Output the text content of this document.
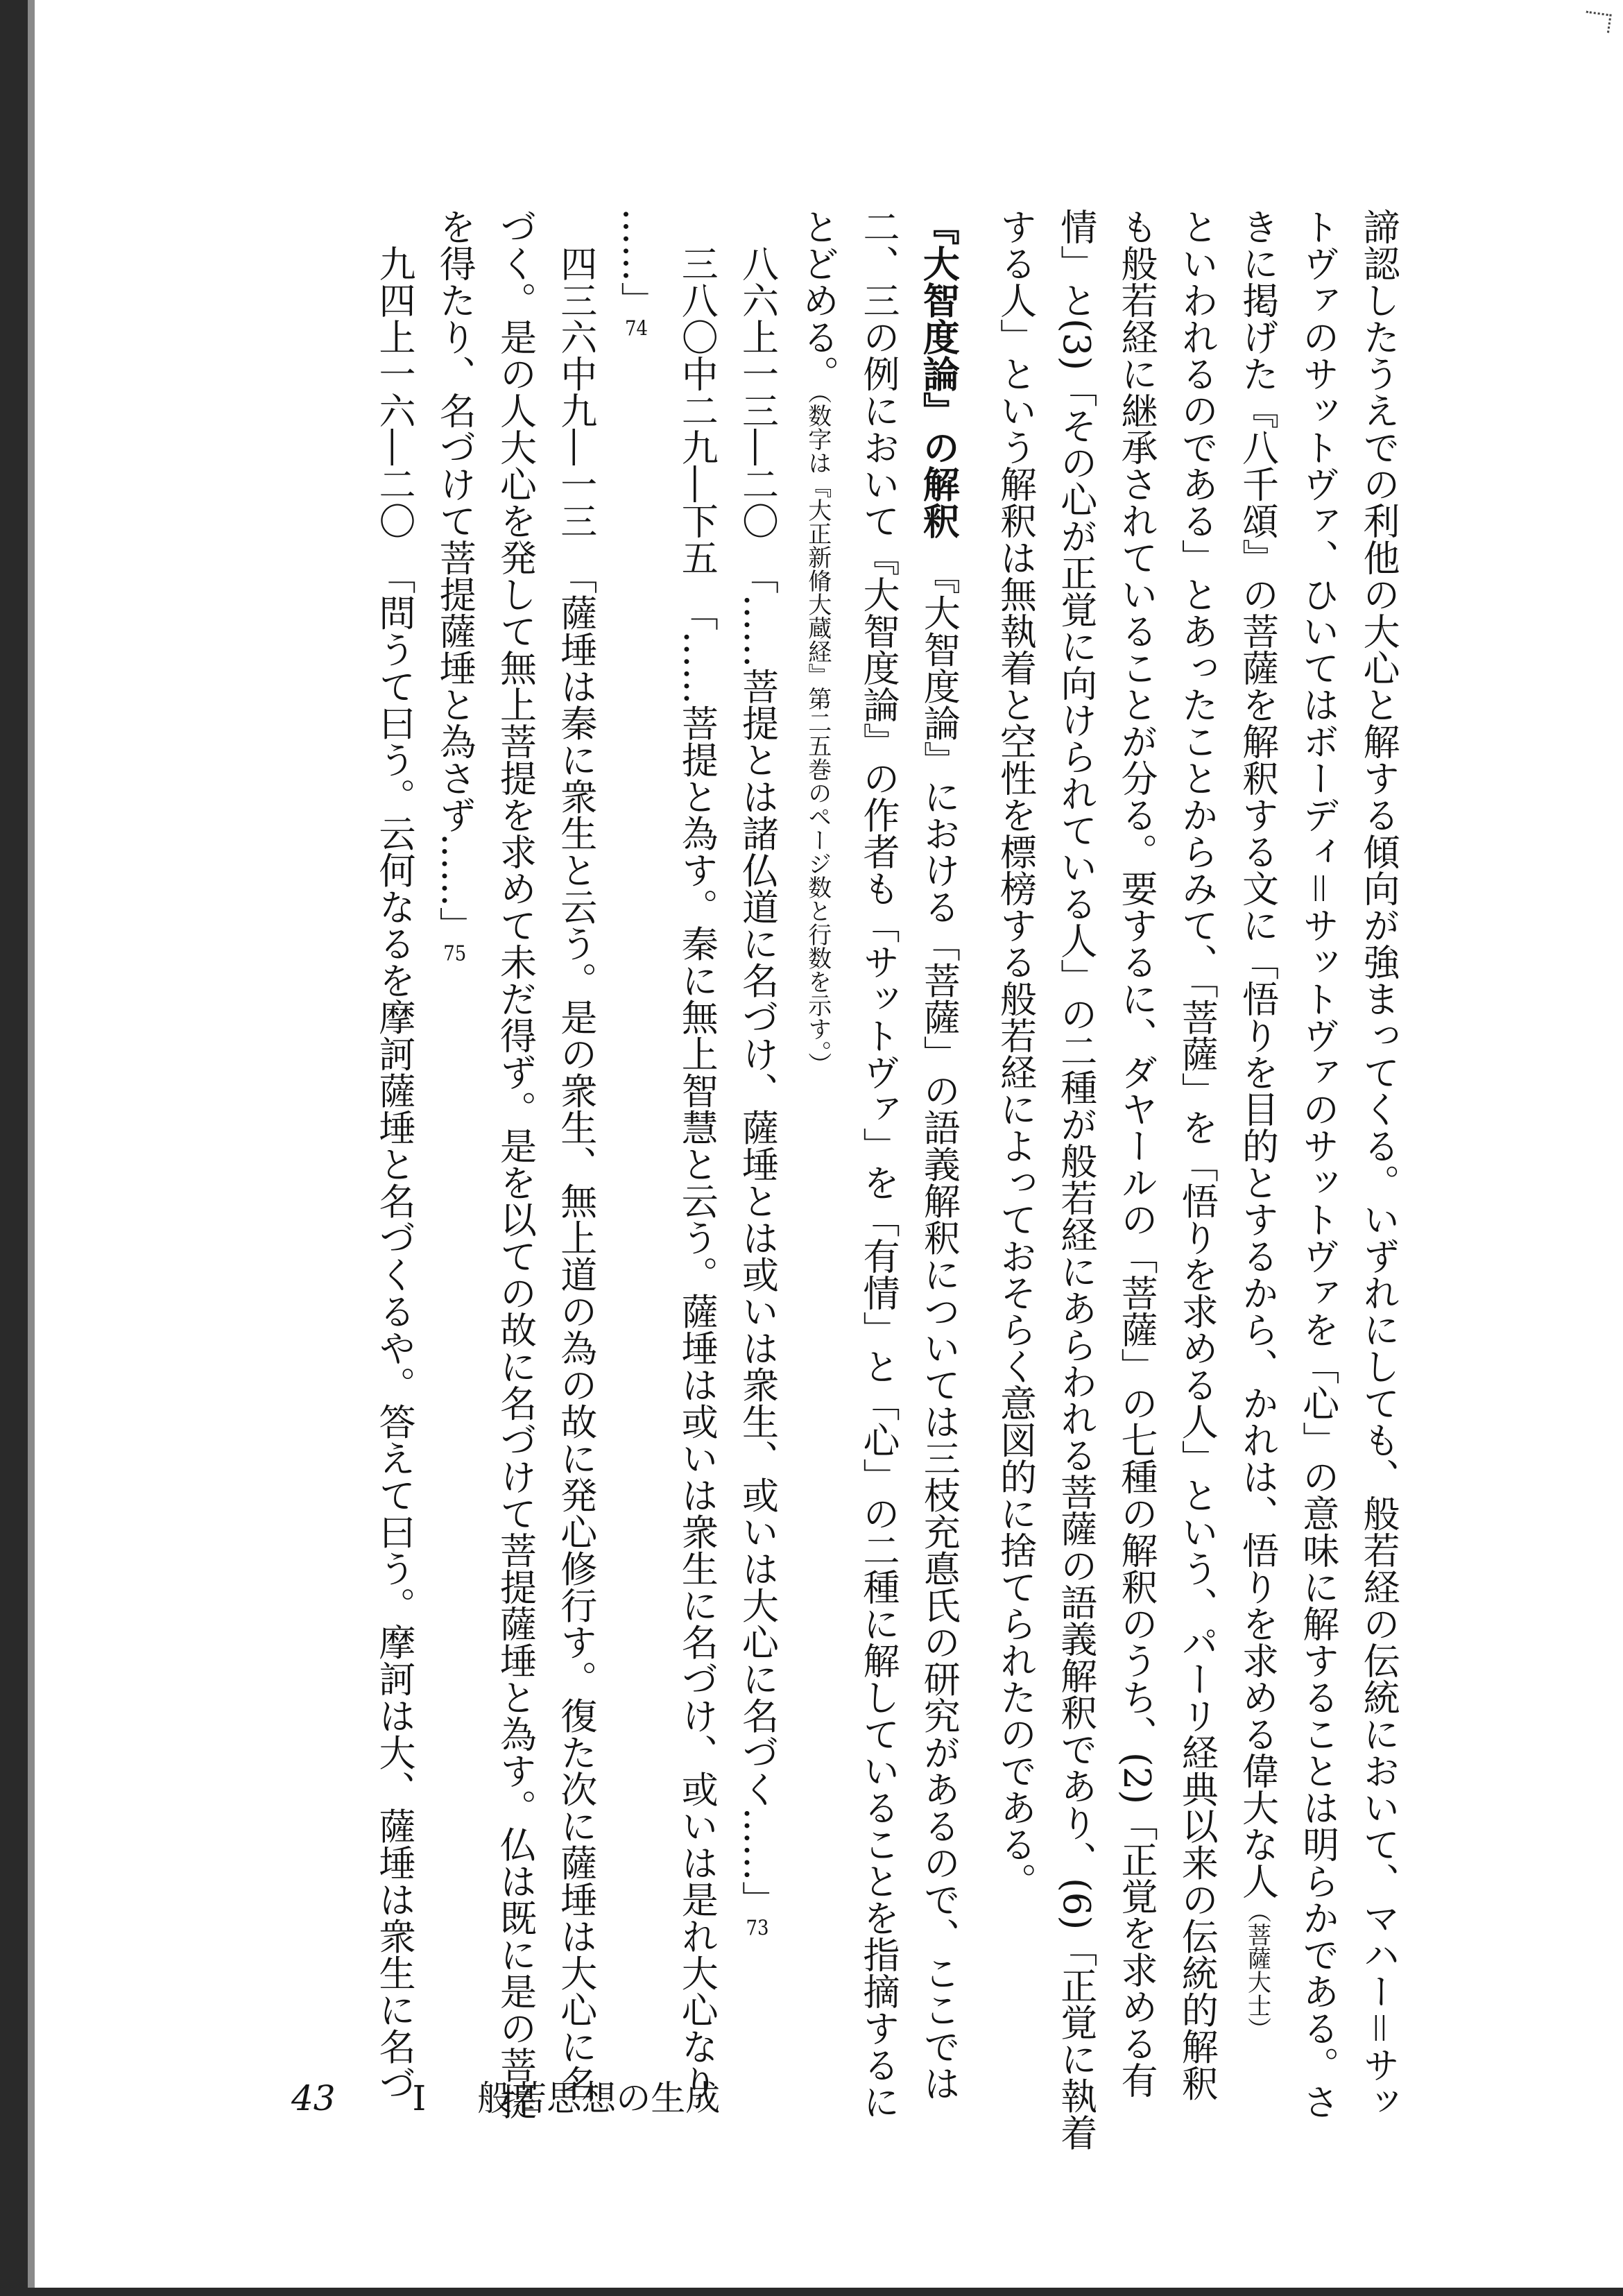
諦認したうえでの利他の大心と解する傾向が強まってくる。いずれにしても、般若経の伝統において、マハー＝サッ
トヴァのサットヴァ、ひいてはボーディ＝サットヴァのサットヴァを「心」の意味に解することは明らかである。さ
きに掲げた『八千頌』の菩薩を解釈する文に「悟りを目的とするから、かれは、悟りを求める偉大な人（菩薩大士）
といわれるのである」とあったことからみて、「菩薩」を「悟りを求める人」という、パーリ経典以来の伝統的解釈
も般若経に継承されていることが分る。要するに、ダヤールの「菩薩」の七種の解釈のうち、(2)「正覚を求める有
情」と(3)「その心が正覚に向けられている人」の二種が般若経にあらわれる菩薩の語義解釈であり、(6)「正覚に執着
する人」という解釈は無執着と空性を標榜する般若経によっておそらく意図的に捨てられたのである。
『大智度論』の解釈　『大智度論』における「菩薩」の語義解釈については三枝充悳氏の研究があるので、ここでは
二、三の例において『大智度論』の作者も「サットヴァ」を「有情」と「心」の二種に解していることを指摘するに
とどめる。（数字は『大正新脩大蔵経』第二五巻のページ数と行数を示す。）
八六上一三―二〇　「……菩提とは諸仏道に名づけ、薩埵とは或いは衆生、或いは大心に名づく……」73
三八〇中二九―下五　「……菩提と為す。秦に無上智慧と云う。薩埵は或いは衆生に名づけ、或いは是れ大心なり
……」74
四三六中九―一三　「薩埵は秦に衆生と云う。是の衆生、無上道の為の故に発心修行す。復た次に薩埵は大心に名
づく。是の人大心を発して無上菩提を求めて未だ得ず。是を以ての故に名づけて菩提薩埵と為す。仏は既に是の菩提
を得たり、名づけて菩提薩埵と為さず……」75
九四上一六―二〇　「問うて曰う。云何なるを摩訶薩埵と名づくるや。答えて曰う。摩訶は大、薩埵は衆生に名づ
43 I 般若思想の生成
